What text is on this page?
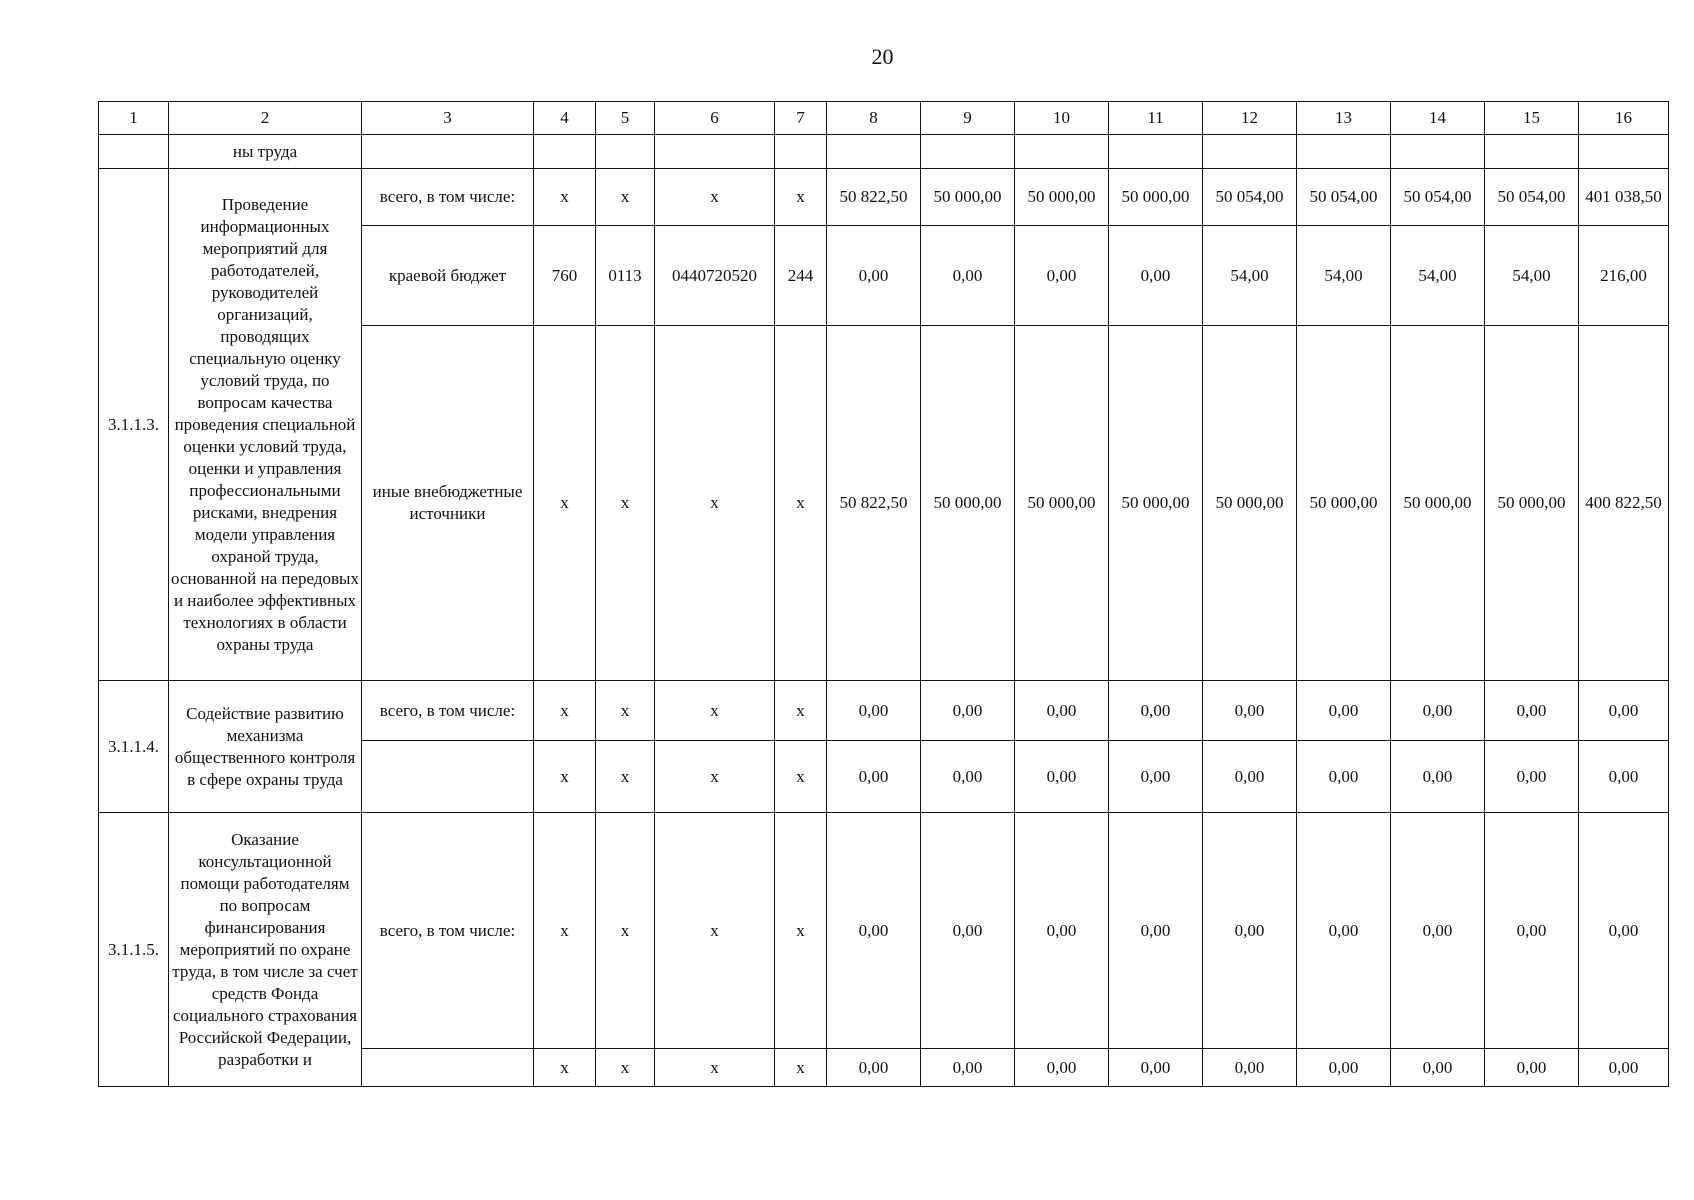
20
1	2	3	4	5	6	7	8	9	10	11	12	13	14	15	16
	ны труда														
3.1.1.3.	Проведение информационных мероприятий для работодателей, руководителей организаций, проводящих специальную оценку условий труда, по вопросам качества проведения специальной оценки условий труда, оценки и управления профессиональными рисками, внедрения модели управления охраной труда, основанной на передовых и наиболее эффективных технологиях в области охраны труда	всего, в том числе:	x	x	x	x	50 822,50	50 000,00	50 000,00	50 000,00	50 054,00	50 054,00	50 054,00	50 054,00	401 038,50
		краевой бюджет	760	0113	0440720520	244	0,00	0,00	0,00	0,00	54,00	54,00	54,00	54,00	216,00
		иные внебюджетные источники	x	x	x	x	50 822,50	50 000,00	50 000,00	50 000,00	50 000,00	50 000,00	50 000,00	50 000,00	400 822,50
3.1.1.4.	Содействие развитию механизма общественного контроля в сфере охраны труда	всего, в том числе:	x	x	x	x	0,00	0,00	0,00	0,00	0,00	0,00	0,00	0,00	0,00
			x	x	x	x	0,00	0,00	0,00	0,00	0,00	0,00	0,00	0,00	0,00
3.1.1.5.	Оказание консультационной помощи работодателям по вопросам финансирования мероприятий по охране труда, в том числе за счет средств Фонда социального страхования Российской Федерации, разработки и	всего, в том числе:	x	x	x	x	0,00	0,00	0,00	0,00	0,00	0,00	0,00	0,00	0,00
			x	x	x	x	0,00	0,00	0,00	0,00	0,00	0,00	0,00	0,00	0,00
